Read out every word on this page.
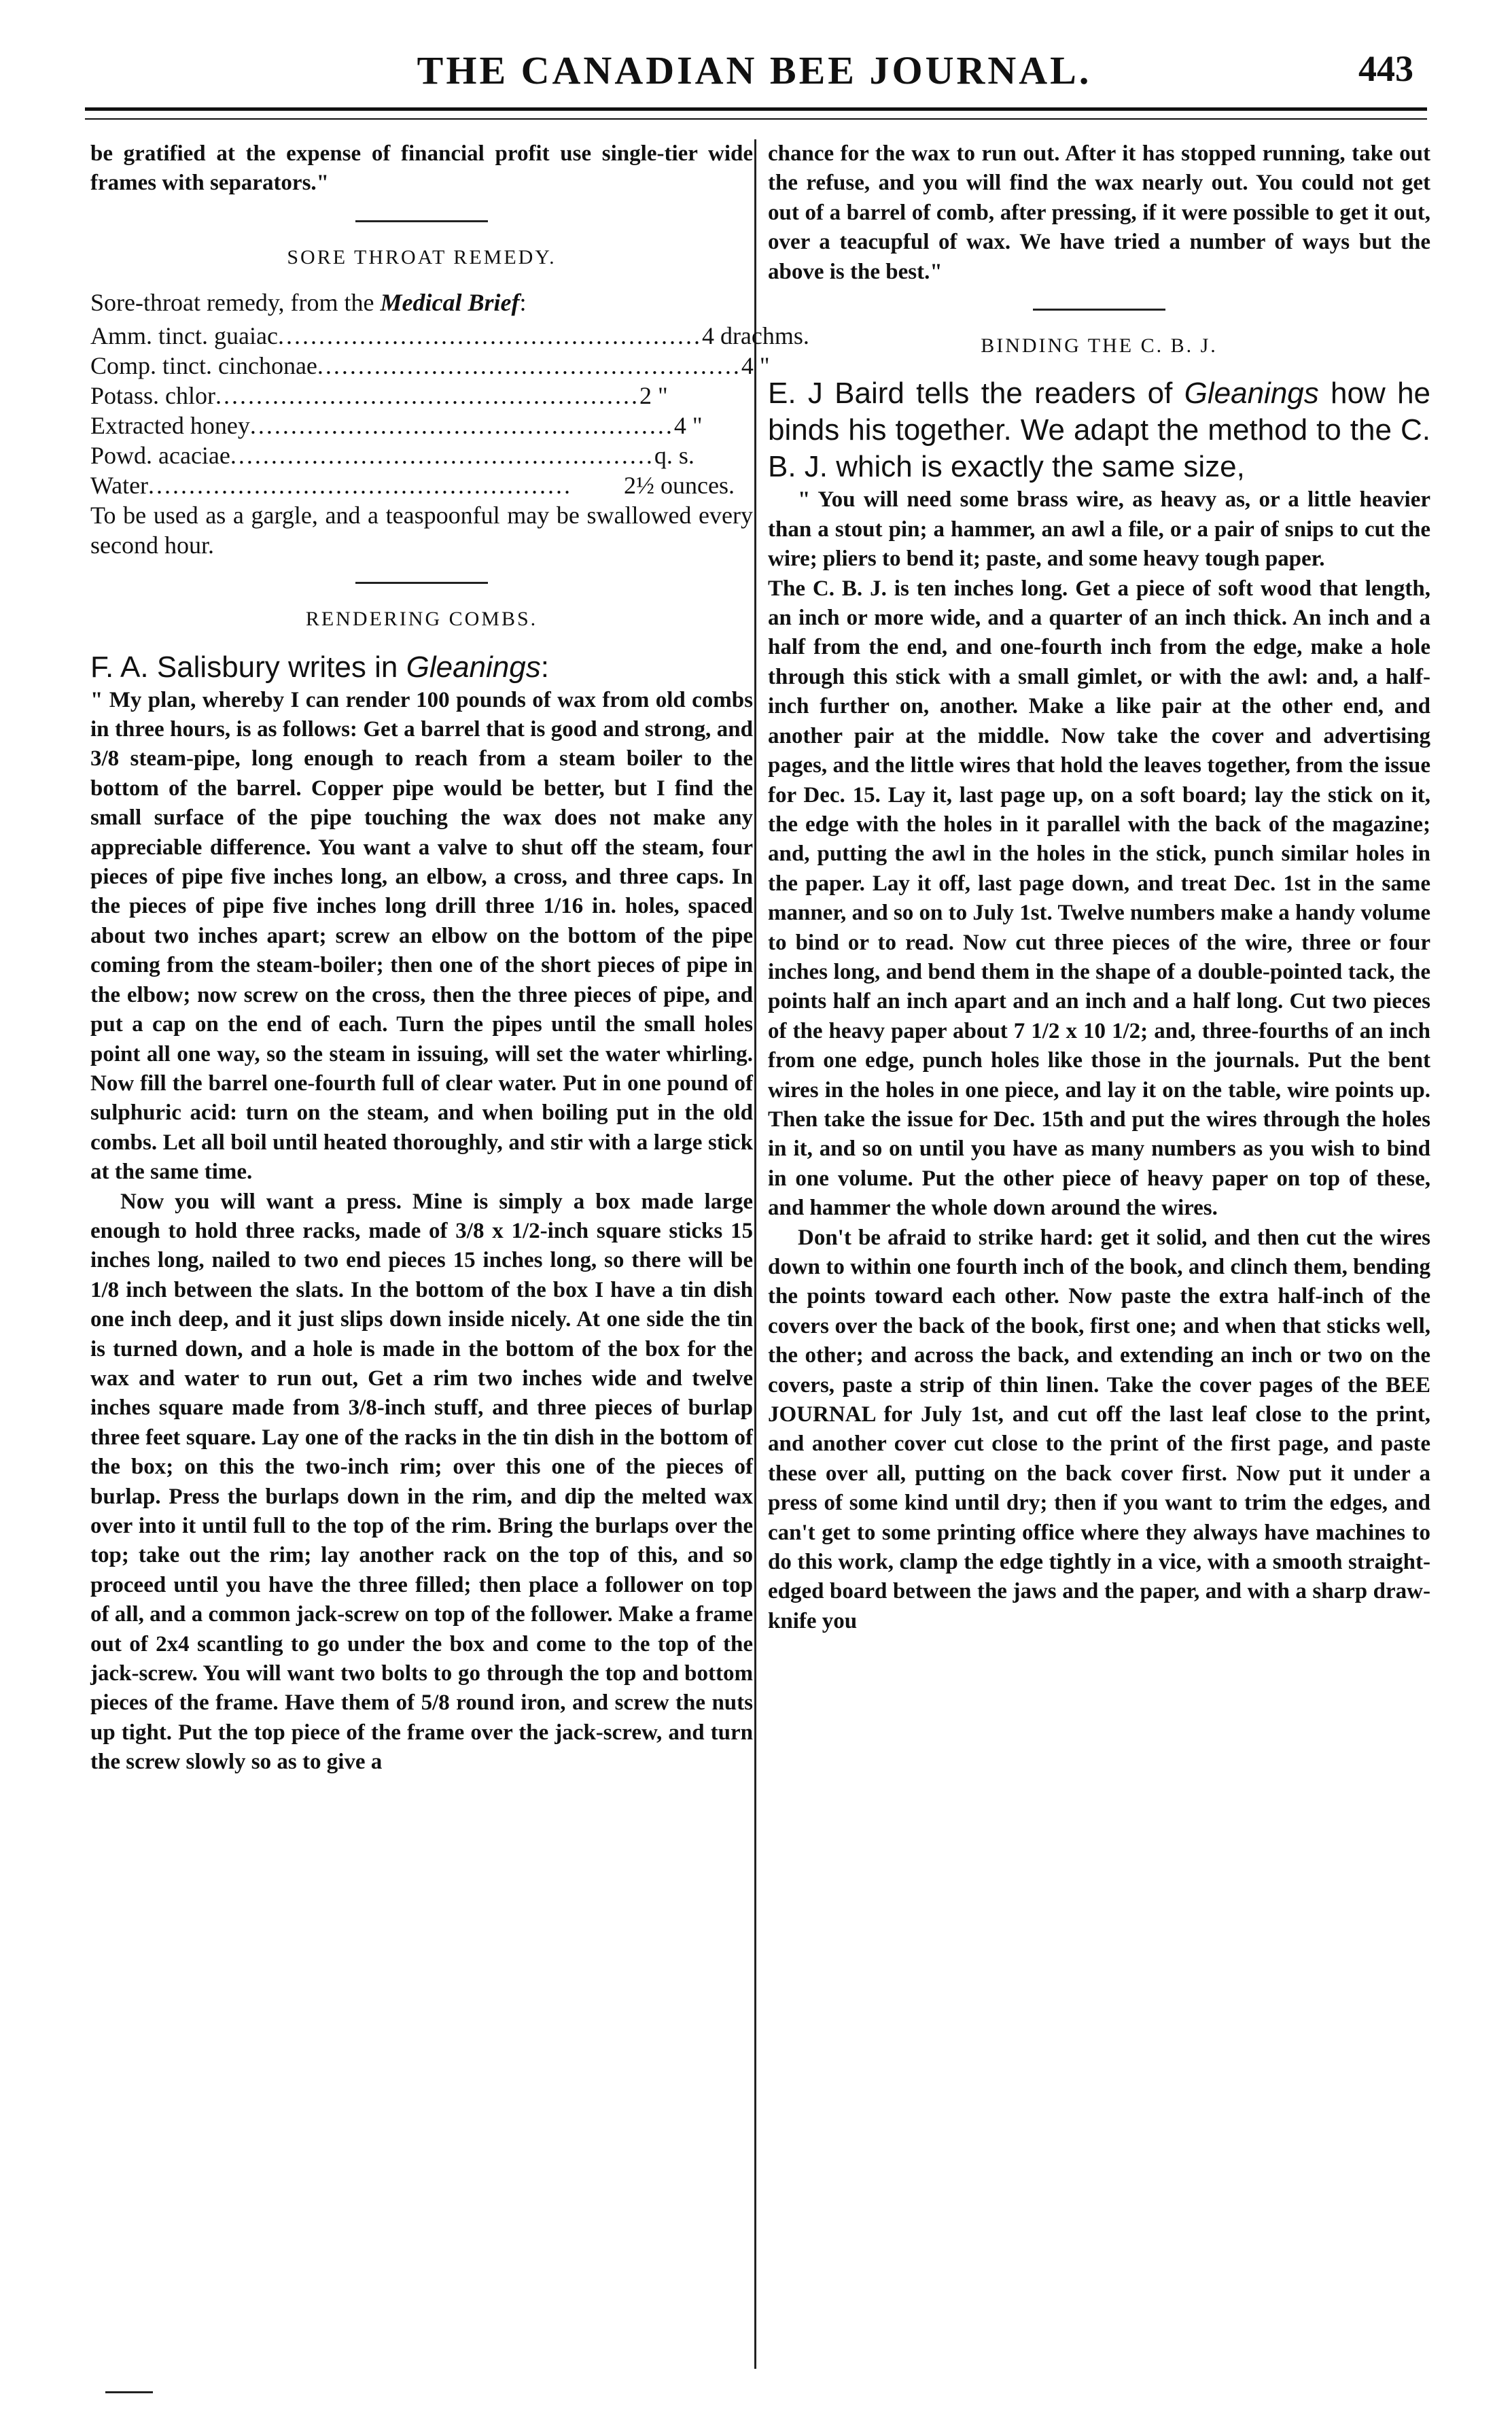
THE CANADIAN BEE JOURNAL.	443

be gratified at the expense of financial profit use single-tier wide frames with separators."

SORE THROAT REMEDY.

Sore-throat remedy, from the Medical Brief:

Amm. tinct. guaiac .................................................... 4 drachms.
Comp. tinct. cinchonae .................................................... 4 "
Potass. chlor .................................................... 2 "
Extracted honey .................................................... 4 "
Powd. acaciae .................................................... q. s.
Water ....................................................	2½ ounces.

To be used as a gargle, and a teaspoonful may be swallowed every second hour.

RENDERING COMBS.

F. A. Salisbury writes in Gleanings:

" My plan, whereby I can render 100 pounds of wax from old combs in three hours, is as follows: Get a barrel that is good and strong, and 3/8 steam-pipe, long enough to reach from a steam boiler to the bottom of the barrel. Copper pipe would be better, but I find the small surface of the pipe touching the wax does not make any appreciable difference. You want a valve to shut off the steam, four pieces of pipe five inches long, an elbow, a cross, and three caps. In the pieces of pipe five inches long drill three 1/16 in. holes, spaced about two inches apart; screw an elbow on the bottom of the pipe coming from the steam-boiler; then one of the short pieces of pipe in the elbow; now screw on the cross, then the three pieces of pipe, and put a cap on the end of each. Turn the pipes until the small holes point all one way, so the steam in issuing, will set the water whirling. Now fill the barrel one-fourth full of clear water. Put in one pound of sulphuric acid: turn on the steam, and when boiling put in the old combs. Let all boil until heated thoroughly, and stir with a large stick at the same time.

Now you will want a press. Mine is simply a box made large enough to hold three racks, made of 3/8 x 1/2-inch square sticks 15 inches long, nailed to two end pieces 15 inches long, so there will be 1/8 inch between the slats. In the bottom of the box I have a tin dish one inch deep, and it just slips down inside nicely. At one side the tin is turned down, and a hole is made in the bottom of the box for the wax and water to run out, Get a rim two inches wide and twelve inches square made from 3/8-inch stuff, and three pieces of burlap three feet square. Lay one of the racks in the tin dish in the bottom of the box; on this the two-inch rim; over this one of the pieces of burlap. Press the burlaps down in the rim, and dip the melted wax over into it until full to the top of the rim. Bring the burlaps over the top; take out the rim; lay another rack on the top of this, and so proceed until you have the three filled; then place a follower on top of all, and a common jack-screw on top of the follower. Make a frame out of 2x4 scantling to go under the box and come to the top of the jack-screw. You will want two bolts to go through the top and bottom pieces of the frame. Have them of 5/8 round iron, and screw the nuts up tight. Put the top piece of the frame over the jack-screw, and turn the screw slowly so as to give a

chance for the wax to run out. After it has stopped running, take out the refuse, and you will find the wax nearly out. You could not get out of a barrel of comb, after pressing, if it were possible to get it out, over a teacupful of wax. We have tried a number of ways but the above is the best."

BINDING THE C. B. J.

E. J Baird tells the readers of Gleanings how he binds his together. We adapt the method to the C. B. J. which is exactly the same size,

" You will need some brass wire, as heavy as, or a little heavier than a stout pin; a hammer, an awl a file, or a pair of snips to cut the wire; pliers to bend it; paste, and some heavy tough paper.

The C. B. J. is ten inches long. Get a piece of soft wood that length, an inch or more wide, and a quarter of an inch thick. An inch and a half from the end, and one-fourth inch from the edge, make a hole through this stick with a small gimlet, or with the awl: and, a half-inch further on, another. Make a like pair at the other end, and another pair at the middle. Now take the cover and advertising pages, and the little wires that hold the leaves together, from the issue for Dec. 15. Lay it, last page up, on a soft board; lay the stick on it, the edge with the holes in it parallel with the back of the magazine; and, putting the awl in the holes in the stick, punch similar holes in the paper. Lay it off, last page down, and treat Dec. 1st in the same manner, and so on to July 1st. Twelve numbers make a handy volume to bind or to read. Now cut three pieces of the wire, three or four inches long, and bend them in the shape of a double-pointed tack, the points half an inch apart and an inch and a half long. Cut two pieces of the heavy paper about 7 1/2 x 10 1/2; and, three-fourths of an inch from one edge, punch holes like those in the journals. Put the bent wires in the holes in one piece, and lay it on the table, wire points up. Then take the issue for Dec. 15th and put the wires through the holes in it, and so on until you have as many numbers as you wish to bind in one volume. Put the other piece of heavy paper on top of these, and hammer the whole down around the wires.

Don't be afraid to strike hard: get it solid, and then cut the wires down to within one fourth inch of the book, and clinch them, bending the points toward each other. Now paste the extra half-inch of the covers over the back of the book, first one; and when that sticks well, the other; and across the back, and extending an inch or two on the covers, paste a strip of thin linen. Take the cover pages of the BEE JOURNAL for July 1st, and cut off the last leaf close to the print, and another cover cut close to the print of the first page, and paste these over all, putting on the back cover first. Now put it under a press of some kind until dry; then if you want to trim the edges, and can't get to some printing office where they always have machines to do this work, clamp the edge tightly in a vice, with a smooth straight-edged board between the jaws and the paper, and with a sharp draw-knife you
